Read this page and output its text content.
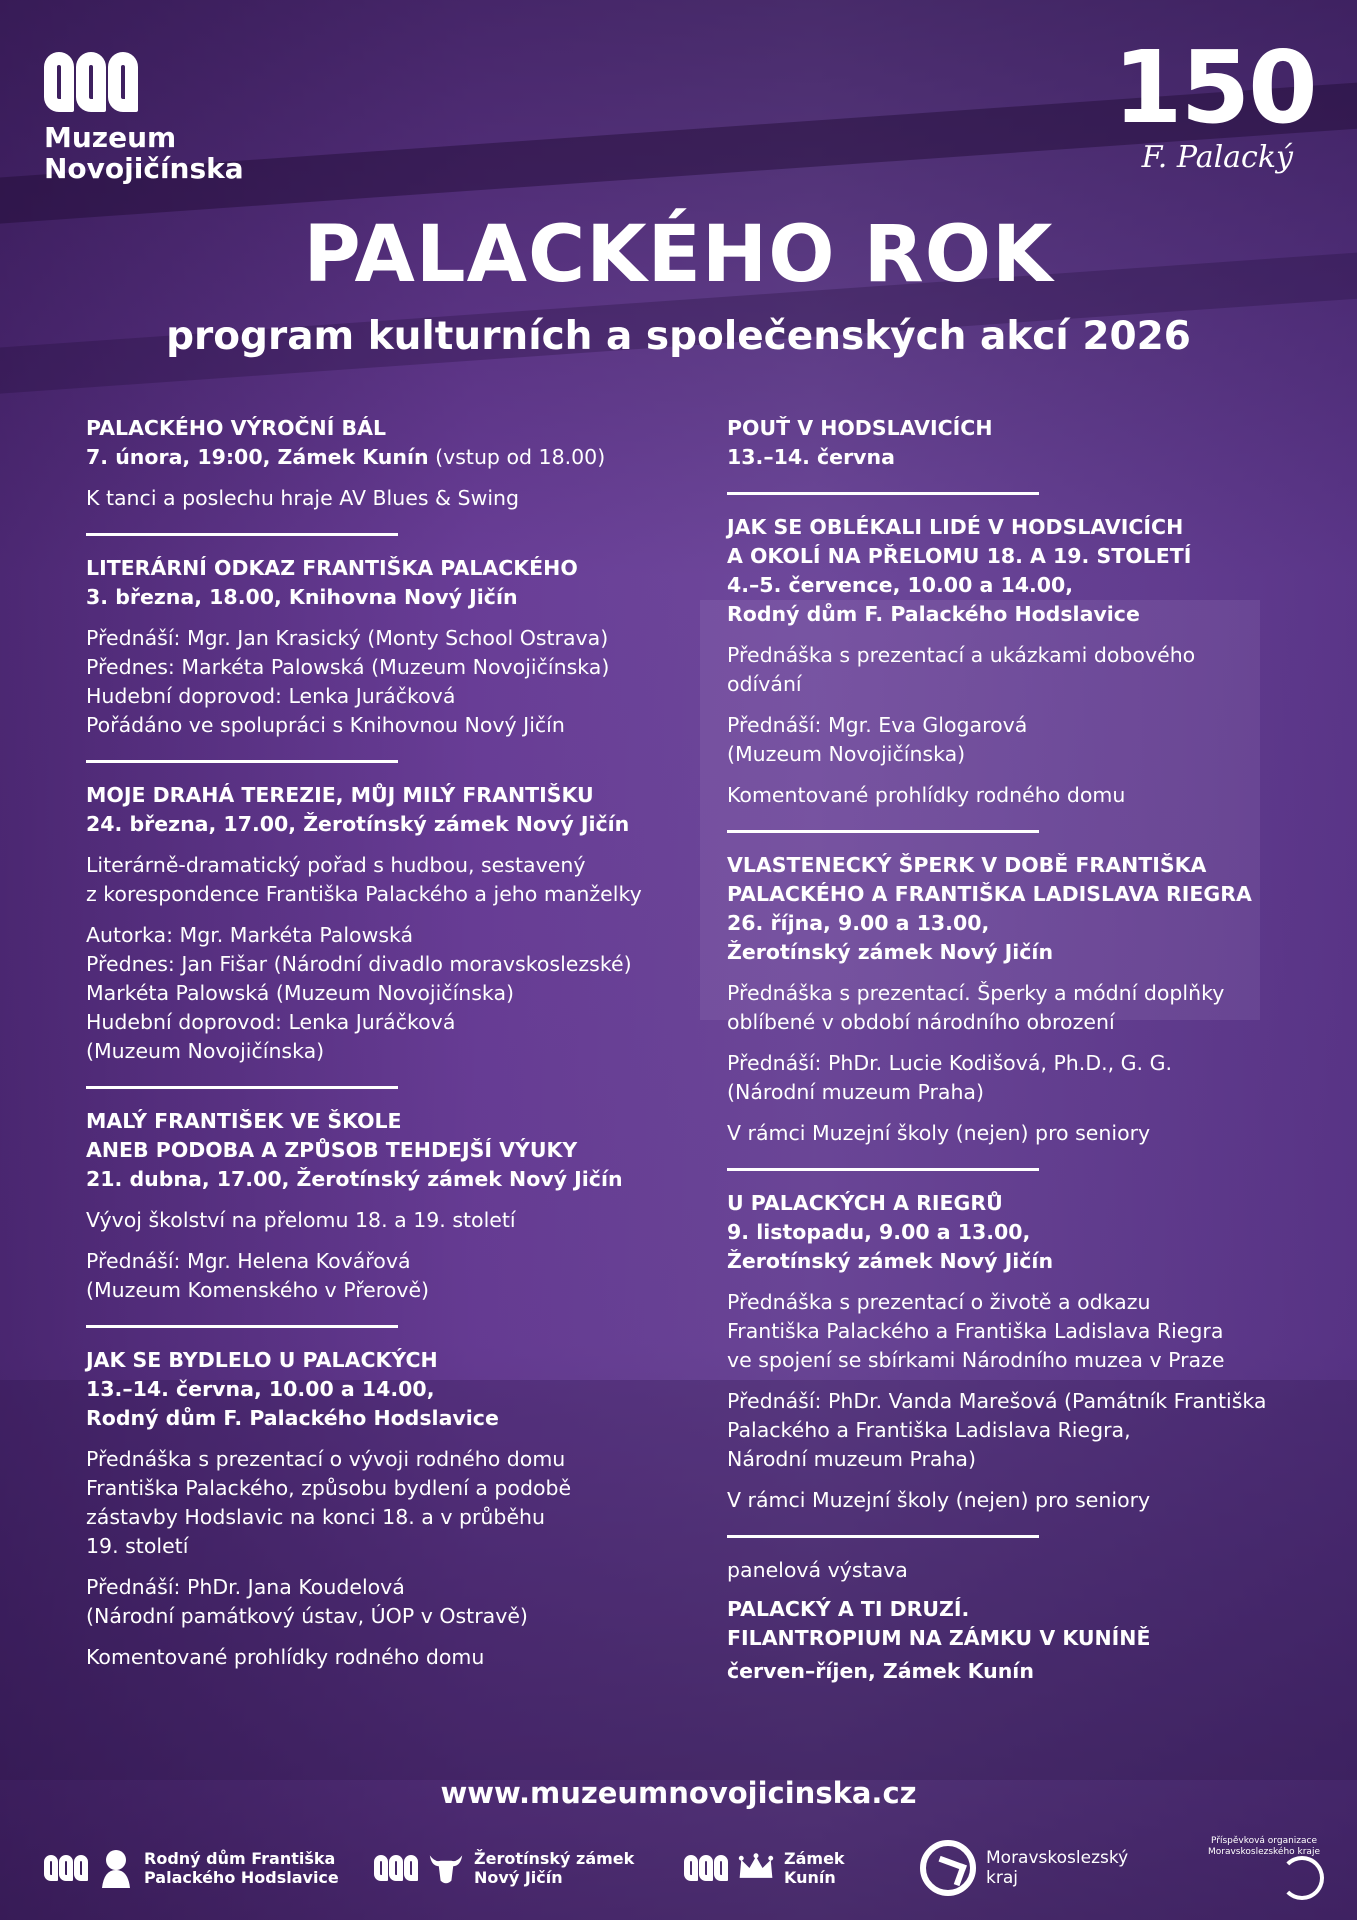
Muzeum
Novojičínska
150
F. Palacký
PALACKÉHO ROK
program kulturních a společenských akcí 2026
PALACKÉHO VÝROČNÍ BÁL
7. února, 19:00, Zámek Kunín (vstup od 18.00)
K tanci a poslechu hraje AV Blues & Swing
LITERÁRNÍ ODKAZ FRANTIŠKA PALACKÉHO
3. března, 18.00, Knihovna Nový Jičín
Přednáší: Mgr. Jan Krasický (Monty School Ostrava)
Přednes: Markéta Palowská (Muzeum Novojičínska)
Hudební doprovod: Lenka Juráčková
Pořádáno ve spolupráci s Knihovnou Nový Jičín
MOJE DRAHÁ TEREZIE, MŮJ MILÝ FRANTIŠKU
24. března, 17.00, Žerotínský zámek Nový Jičín
Literárně-dramatický pořad s hudbou, sestavený
z korespondence Františka Palackého a jeho manželky
Autorka: Mgr. Markéta Palowská
Přednes: Jan Fišar (Národní divadlo moravskoslezské)
Markéta Palowská (Muzeum Novojičínska)
Hudební doprovod: Lenka Juráčková
(Muzeum Novojičínska)
MALÝ FRANTIŠEK VE ŠKOLE
ANEB PODOBA A ZPŮSOB TEHDEJŠÍ VÝUKY
21. dubna, 17.00, Žerotínský zámek Nový Jičín
Vývoj školství na přelomu 18. a 19. století
Přednáší: Mgr. Helena Kovářová
(Muzeum Komenského v Přerově)
JAK SE BYDLELO U PALACKÝCH
13.–14. června, 10.00 a 14.00,
Rodný dům F. Palackého Hodslavice
Přednáška s prezentací o vývoji rodného domu
Františka Palackého, způsobu bydlení a podobě
zástavby Hodslavic na konci 18. a v průběhu
19. století
Přednáší: PhDr. Jana Koudelová
(Národní památkový ústav, ÚOP v Ostravě)
Komentované prohlídky rodného domu
POUŤ V HODSLAVICÍCH
13.–14. června
JAK SE OBLÉKALI LIDÉ V HODSLAVICÍCH
A OKOLÍ NA PŘELOMU 18. A 19. STOLETÍ
4.–5. července, 10.00 a 14.00,
Rodný dům F. Palackého Hodslavice
Přednáška s prezentací a ukázkami dobového
odívání
Přednáší: Mgr. Eva Glogarová
(Muzeum Novojičínska)
Komentované prohlídky rodného domu
VLASTENECKÝ ŠPERK V DOBĚ FRANTIŠKA
PALACKÉHO A FRANTIŠKA LADISLAVA RIEGRA
26. října, 9.00 a 13.00,
Žerotínský zámek Nový Jičín
Přednáška s prezentací. Šperky a módní doplňky
oblíbené v období národního obrození
Přednáší: PhDr. Lucie Kodišová, Ph.D., G. G.
(Národní muzeum Praha)
V rámci Muzejní školy (nejen) pro seniory
U PALACKÝCH A RIEGRŮ
9. listopadu, 9.00 a 13.00,
Žerotínský zámek Nový Jičín
Přednáška s prezentací o životě a odkazu
Františka Palackého a Františka Ladislava Riegra
ve spojení se sbírkami Národního muzea v Praze
Přednáší: PhDr. Vanda Marešová (Památník Františka
Palackého a Františka Ladislava Riegra,
Národní muzeum Praha)
V rámci Muzejní školy (nejen) pro seniory
panelová výstava
PALACKÝ A TI DRUZÍ.
FILANTROPIUM NA ZÁMKU V KUNÍNĚ
červen–říjen, Zámek Kunín
www.muzeumnovojicinska.cz
Rodný dům Františka
Palackého Hodslavice
Žerotínský zámek
Nový Jičín
Zámek
Kunín
Moravskoslezský
kraj
Příspěvková organizace Moravskoslezského kraje
